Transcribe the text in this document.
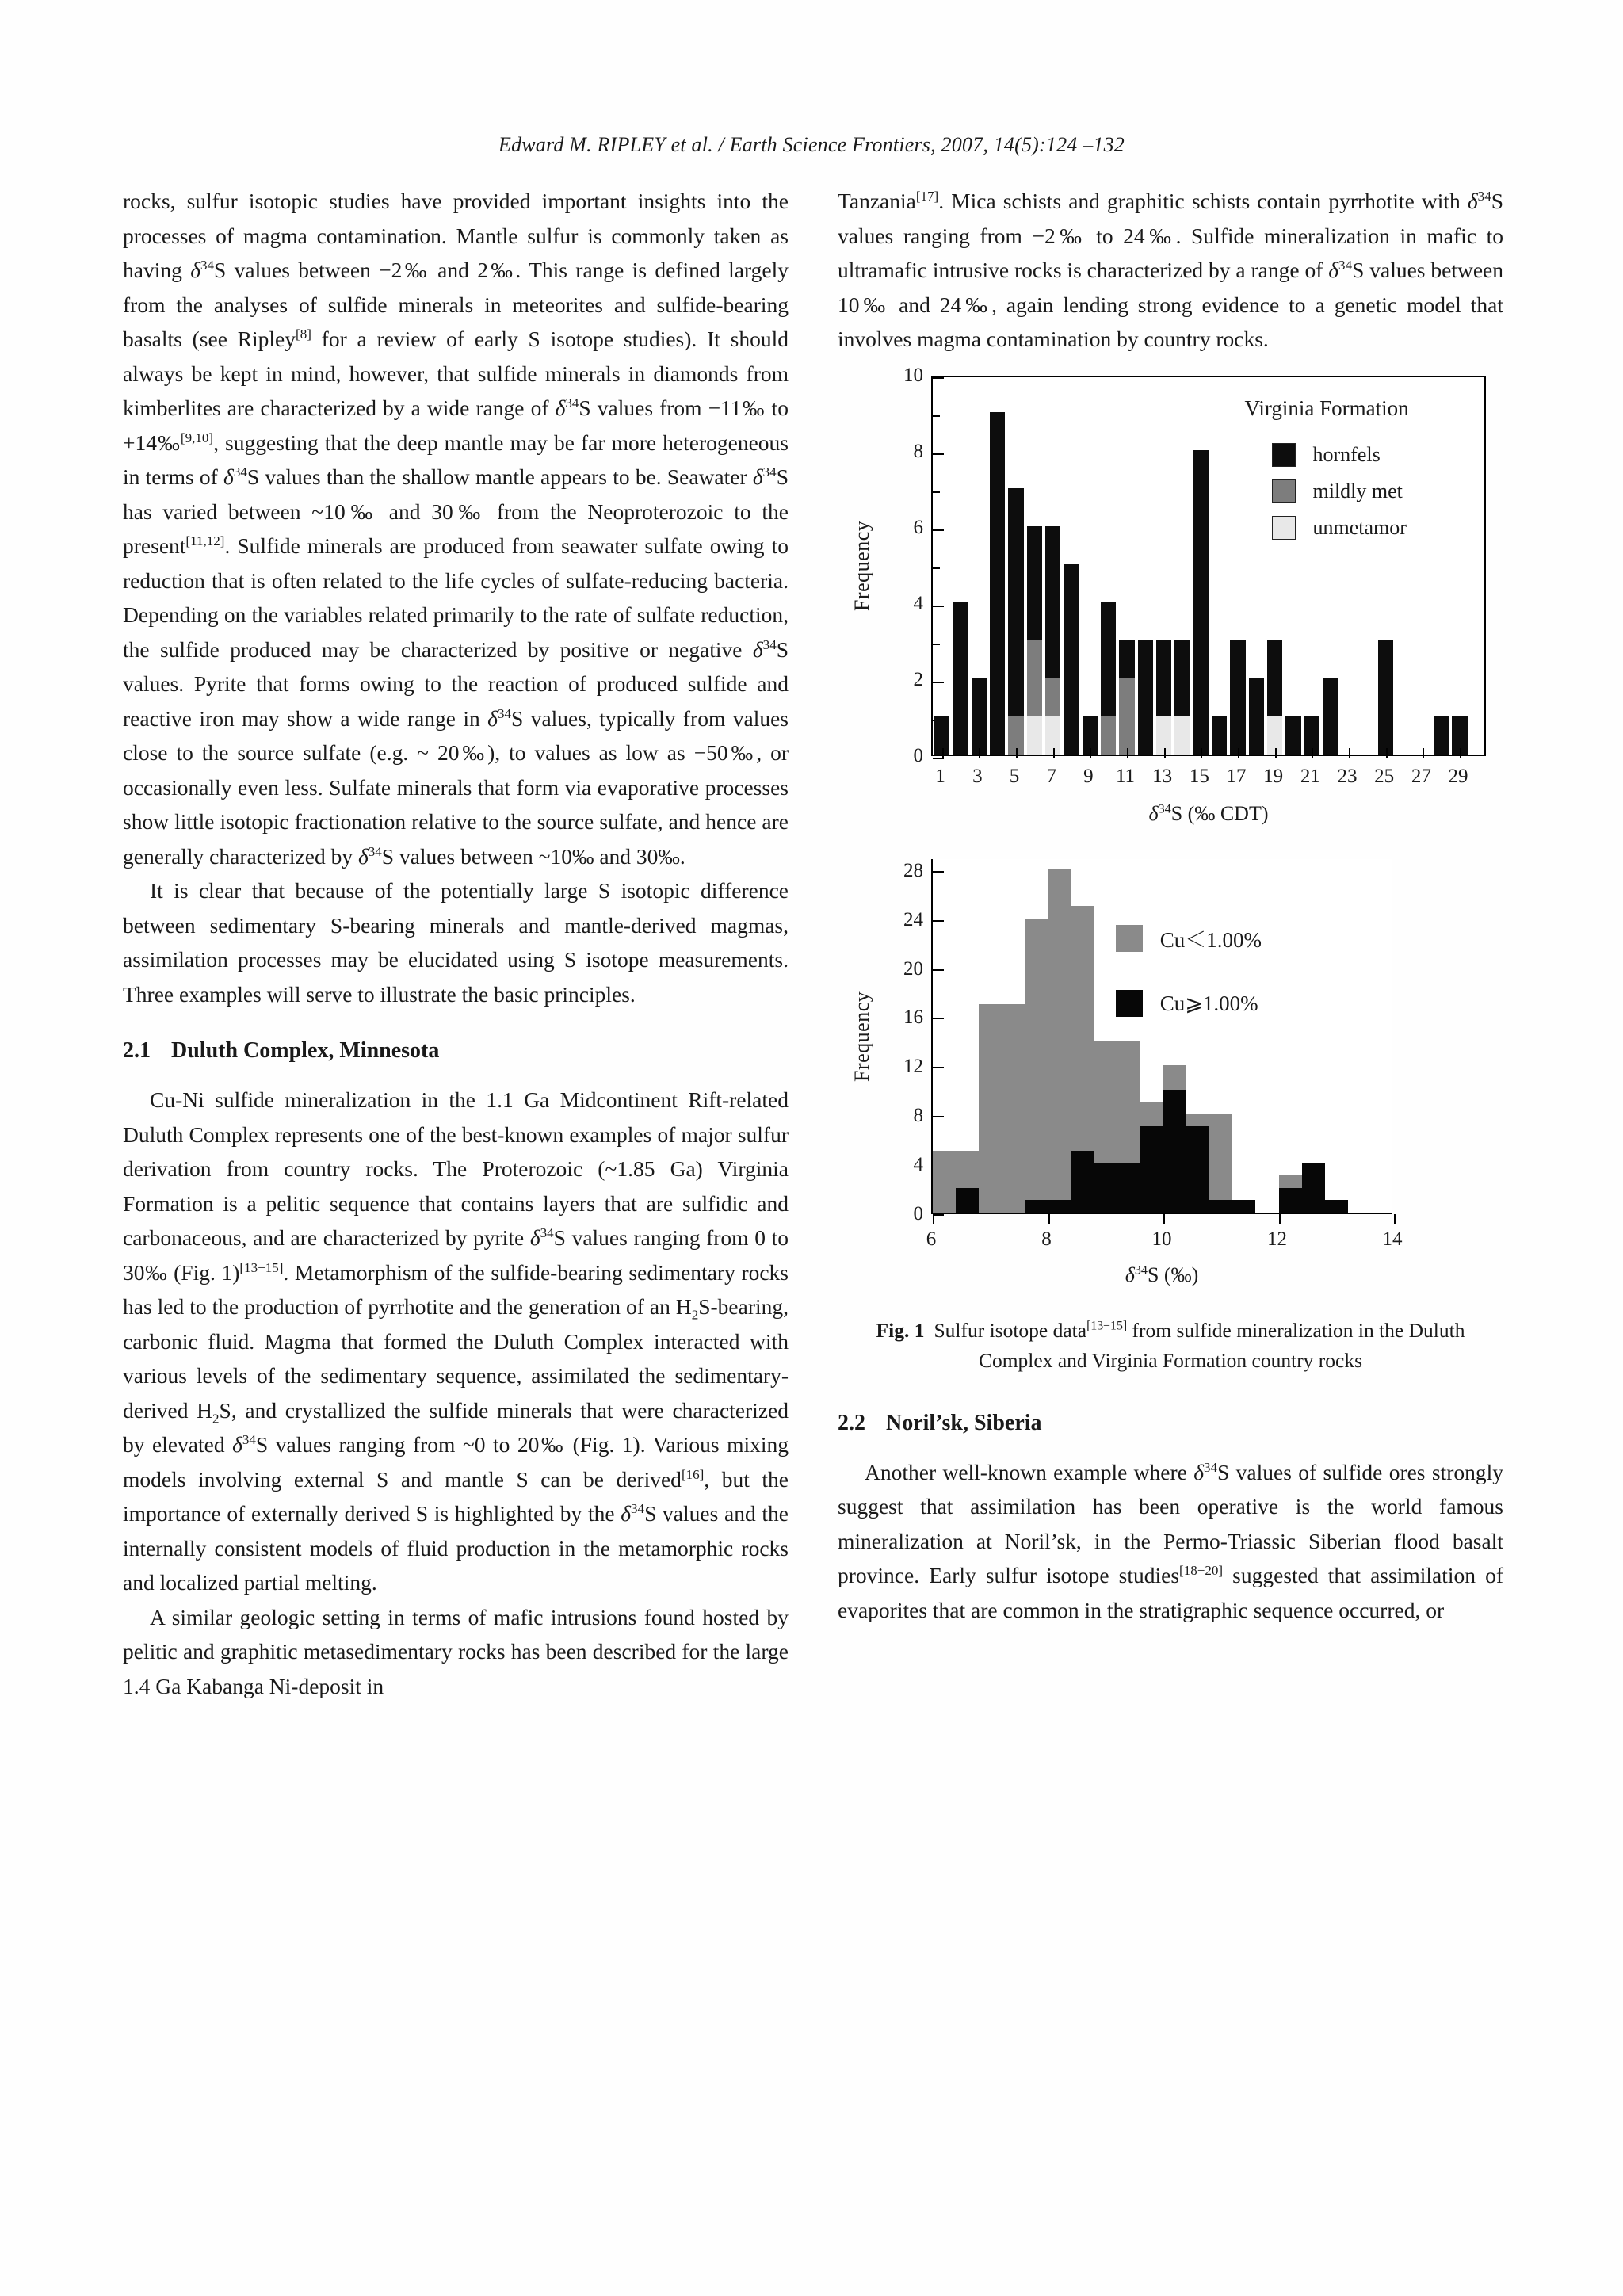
Edward M. RIPLEY et al. / Earth Science Frontiers, 2007, 14(5):124 –132

rocks, sulfur isotopic studies have provided important insights into the processes of magma contamination. Mantle sulfur is commonly taken as having $\delta^{34}S$ values between −2‰ and 2‰. This range is defined largely from the analyses of sulfide minerals in meteorites and sulfide-bearing basalts (see Ripley[8] for a review of early S isotope studies). It should always be kept in mind, however, that sulfide minerals in diamonds from kimberlites are characterized by a wide range of $\delta^{34}S$ values from −11‰ to +14‰[9,10], suggesting that the deep mantle may be far more heterogeneous in terms of $\delta^{34}S$ values than the shallow mantle appears to be. Seawater $\delta^{34}S$ has varied between ~10‰ and 30‰ from the Neoproterozoic to the present[11,12]. Sulfide minerals are produced from seawater sulfate owing to reduction that is often related to the life cycles of sulfate-reducing bacteria. Depending on the variables related primarily to the rate of sulfate reduction, the sulfide produced may be characterized by positive or negative $\delta^{34}S$ values. Pyrite that forms owing to the reaction of produced sulfide and reactive iron may show a wide range in $\delta^{34}S$ values, typically from values close to the source sulfate (e.g. ~ 20‰), to values as low as −50‰, or occasionally even less. Sulfate minerals that form via evaporative processes show little isotopic fractionation relative to the source sulfate, and hence are generally characterized by $\delta^{34}S$ values between ~10‰ and 30‰.

It is clear that because of the potentially large S isotopic difference between sedimentary S-bearing minerals and mantle-derived magmas, assimilation processes may be elucidated using S isotope measurements. Three examples will serve to illustrate the basic principles.

2.1 Duluth Complex, Minnesota

Cu-Ni sulfide mineralization in the 1.1 Ga Midcontinent Rift-related Duluth Complex represents one of the best-known examples of major sulfur derivation from country rocks. The Proterozoic (~1.85 Ga) Virginia Formation is a pelitic sequence that contains layers that are sulfidic and carbonaceous, and are characterized by pyrite $\delta^{34}S$ values ranging from 0 to 30‰ (Fig. 1)[13−15]. Metamorphism of the sulfide-bearing sedimentary rocks has led to the production of pyrrhotite and the generation of an $H_2S$-bearing, carbonic fluid. Magma that formed the Duluth Complex interacted with various levels of the sedimentary sequence, assimilated the sedimentary-derived $H_2S$, and crystallized the sulfide minerals that were characterized by elevated $\delta^{34}S$ values ranging from ~0 to 20‰ (Fig. 1). Various mixing models involving external S and mantle S can be derived[16], but the importance of externally derived S is highlighted by the $\delta^{34}S$ values and the internally consistent models of fluid production in the metamorphic rocks and localized partial melting.

A similar geologic setting in terms of mafic intrusions found hosted by pelitic and graphitic metasedimentary rocks has been described for the large 1.4 Ga Kabanga Ni-deposit in

Tanzania[17]. Mica schists and graphitic schists contain pyrrhotite with $\delta^{34}S$ values ranging from −2‰ to 24‰. Sulfide mineralization in mafic to ultramafic intrusive rocks is characterized by a range of $\delta^{34}S$ values between 10‰ and 24‰, again lending strong evidence to a genetic model that involves magma contamination by country rocks.

Frequency
0
2
4
6
8
10
1	3	5	7	9	11 13 15 17 19 21 23 25 27 29
$\delta^{34}S$ (‰ CDT)
Virginia Formation
hornfels
mildly met
unmetamor
Frequency
0
4
8
12
16
20
24
28
6	8	10	12	14
$\delta^{34}S$ (‰)
Cu＜1.00%
Cu⩾1.00%
Fig. 1 Sulfur isotope data[13−15] from sulfide mineralization in the Duluth Complex and Virginia Formation country rocks
2.2 Noril’sk, Siberia

Another well-known example where $\delta^{34}S$ values of sulfide ores strongly suggest that assimilation has been operative is the world famous mineralization at Noril’sk, in the Permo-Triassic Siberian flood basalt province. Early sulfur isotope studies[18−20] suggested that assimilation of evaporites that are common in the stratigraphic sequence occurred, or
